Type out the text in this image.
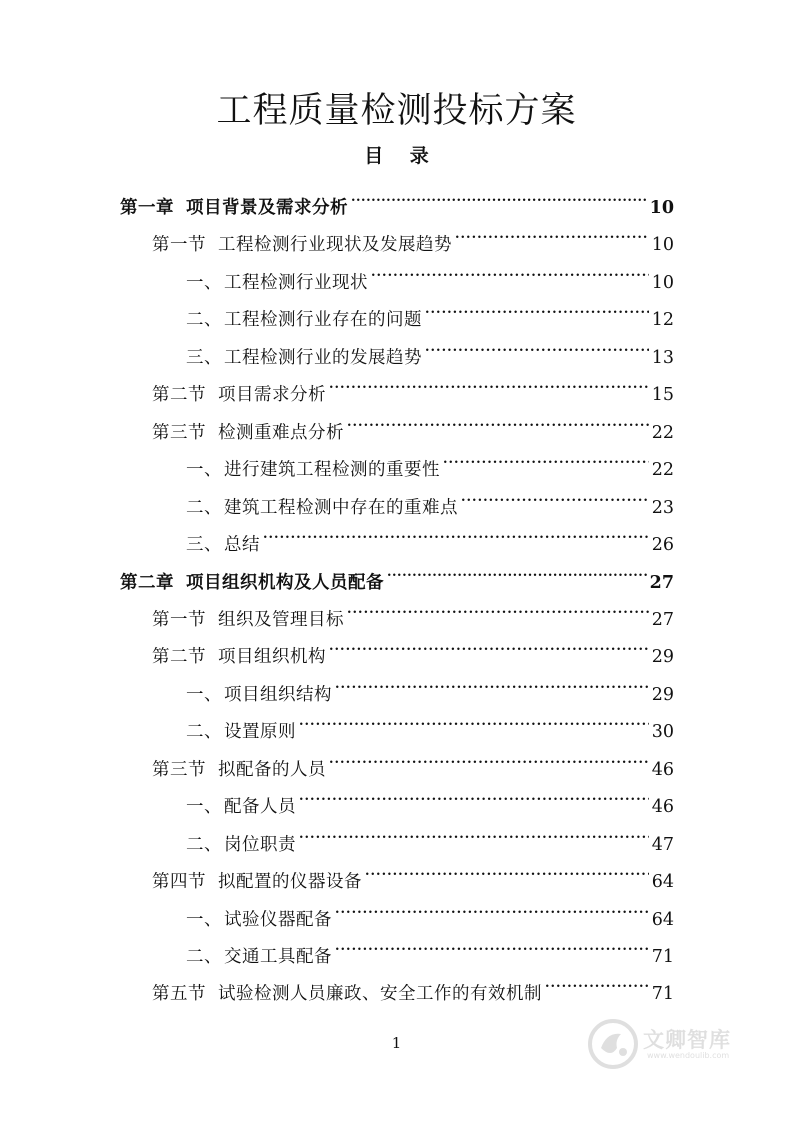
工程质量检测投标方案
目 录
第一章 项目背景及需求分析 .....	10
第一节 工程检测行业现状及发展趋势 .....	10
一、 工程检测行业现状 .....	10
二、 工程检测行业存在的问题 .....	12
三、 工程检测行业的发展趋势 .....	13
第二节 项目需求分析 .....	15
第三节 检测重难点分析 .....	22
一、 进行建筑工程检测的重要性 .....	22
二、 建筑工程检测中存在的重难点 .....	23
三、 总结 .....	26
第二章 项目组织机构及人员配备 .....	27
第一节 组织及管理目标 .....	27
第二节 项目组织机构 .....	29
一、 项目组织结构 .....	29
二、 设置原则 .....	30
第三节 拟配备的人员 .....	46
一、 配备人员 .....	46
二、 岗位职责 .....	47
第四节 拟配置的仪器设备 .....	64
一、 试验仪器配备 .....	64
二、 交通工具配备 .....	71
第五节 试验检测人员廉政、安全工作的有效机制 .....	71
1	文卿智库
www.wendoulib.com
